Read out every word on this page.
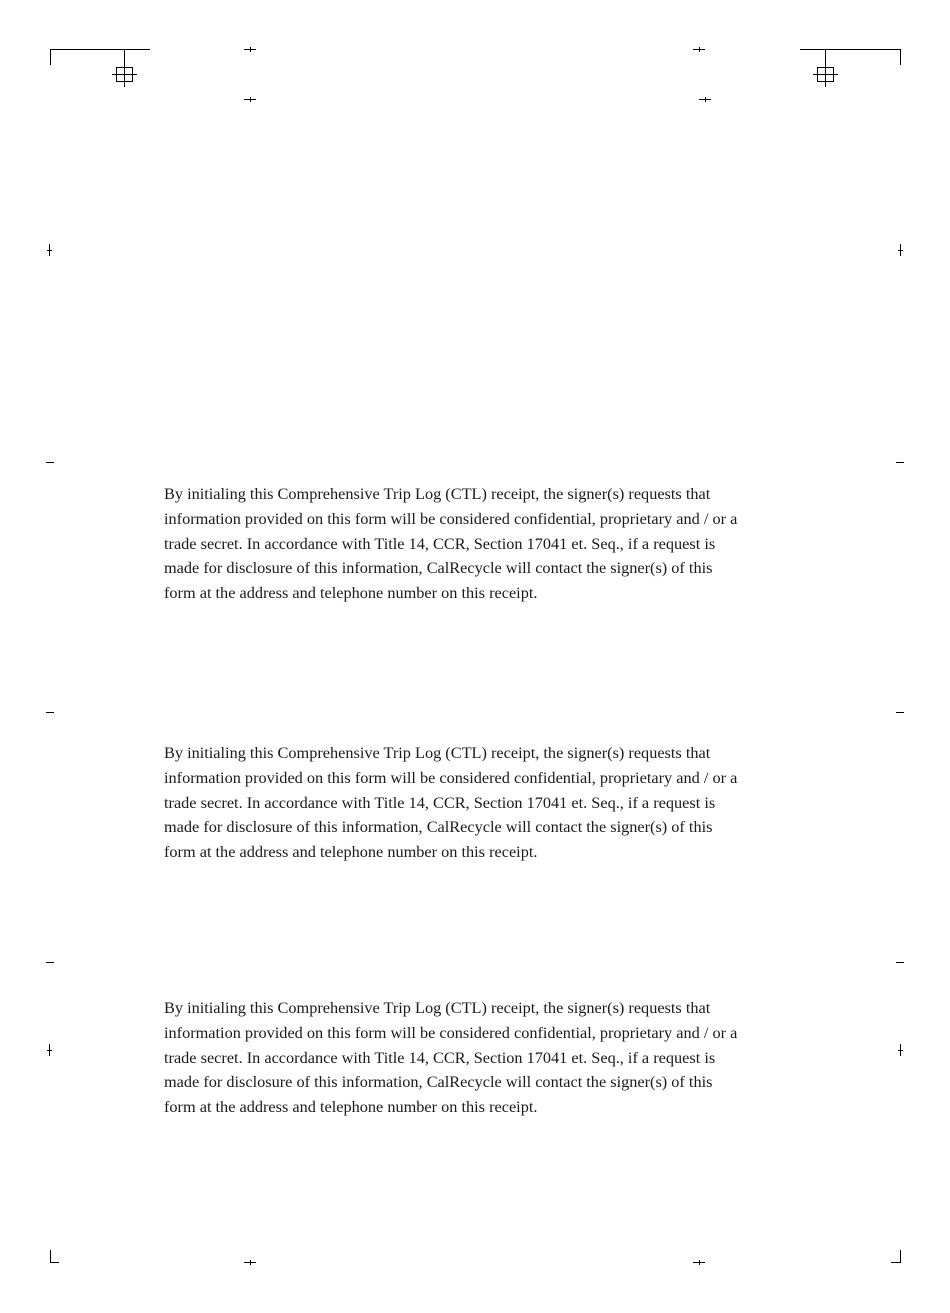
By initialing this Comprehensive Trip Log (CTL) receipt, the signer(s) requests that
information provided on this form will be considered confidential, proprietary and / or a
trade secret. In accordance with Title 14, CCR, Section 17041 et. Seq., if a request is
made for disclosure of this information, CalRecycle will contact the signer(s) of this
form at the address and telephone number on this receipt.

By initialing this Comprehensive Trip Log (CTL) receipt, the signer(s) requests that
information provided on this form will be considered confidential, proprietary and / or a
trade secret. In accordance with Title 14, CCR, Section 17041 et. Seq., if a request is
made for disclosure of this information, CalRecycle will contact the signer(s) of this
form at the address and telephone number on this receipt.

By initialing this Comprehensive Trip Log (CTL) receipt, the signer(s) requests that
information provided on this form will be considered confidential, proprietary and / or a
trade secret. In accordance with Title 14, CCR, Section 17041 et. Seq., if a request is
made for disclosure of this information, CalRecycle will contact the signer(s) of this
form at the address and telephone number on this receipt.
